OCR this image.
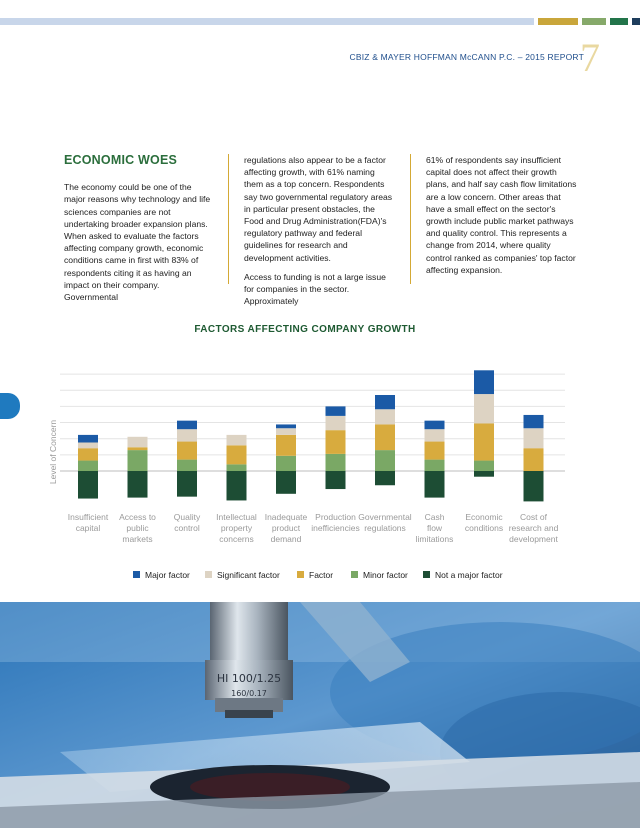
CBIZ & MAYER HOFFMAN McCANN P.C. – 2015 REPORT
7
ECONOMIC WOES

The economy could be one of the major reasons why technology and life sciences companies are not undertaking broader expansion plans. When asked to evaluate the factors affecting company growth, economic conditions came in first with 83% of respondents citing it as having an impact on their company. Governmental

regulations also appear to be a factor affecting growth, with 61% naming them as a top concern. Respondents say two governmental regulatory areas in particular present obstacles, the Food and Drug Administration(FDA)'s regulatory pathway and federal guidelines for research and development activities.

Access to funding is not a large issue for companies in the sector. Approximately

61% of respondents say insufficient capital does not affect their growth plans, and half say cash flow limitations are a low concern. Other areas that have a small effect on the sector's growth include public market pathways and quality control. This represents a change from 2014, where quality control ranked as companies' top factor affecting expansion.

FACTORS AFFECTING COMPANY GROWTH
Level of Concern
Insufficient
capital
Access to
public
markets
Quality
control
Intellectual
property
concerns
Inadequate
product
demand
Production
inefficiencies
Governmental
regulations
Cash
flow
limitations
Economic
conditions
Cost of
research and
development
Major factor	Significant factor	Factor	Minor factor	Not a major factor
HI 100/1.25
160/0.17
